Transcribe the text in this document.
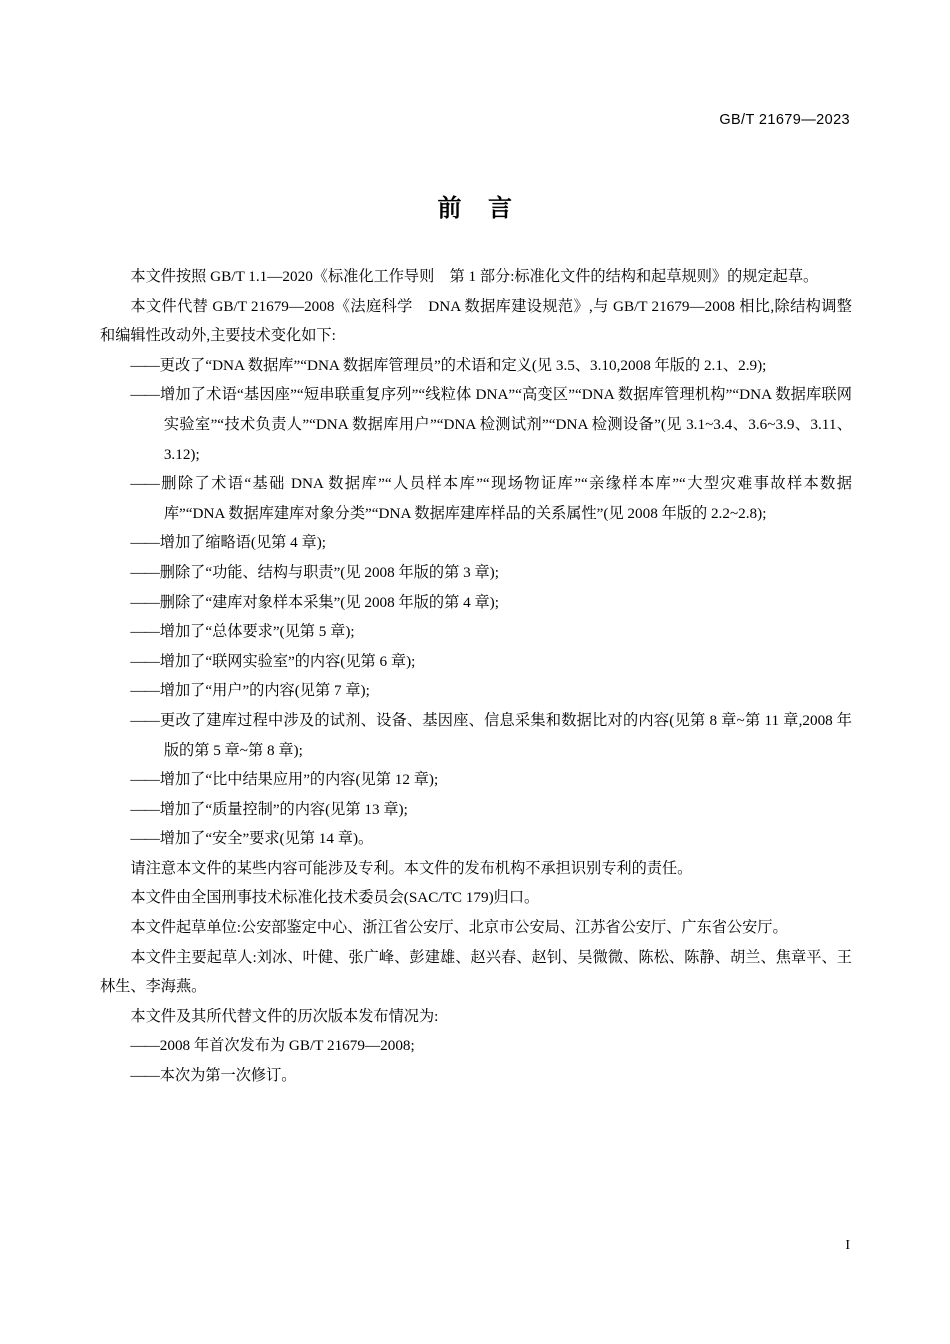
GB/T 21679—2023
前 言

本文件按照 GB/T 1.1—2020《标准化工作导则　第 1 部分:标准化文件的结构和起草规则》的规定起草。

本文件代替 GB/T 21679—2008《法庭科学　DNA 数据库建设规范》,与 GB/T 21679—2008 相比,除结构调整和编辑性改动外,主要技术变化如下:

——更改了“DNA 数据库”“DNA 数据库管理员”的术语和定义(见 3.5、3.10,2008 年版的 2.1、2.9);

——增加了术语“基因座”“短串联重复序列”“线粒体 DNA”“高变区”“DNA 数据库管理机构”“DNA 数据库联网实验室”“技术负责人”“DNA 数据库用户”“DNA 检测试剂”“DNA 检测设备”(见 3.1~3.4、3.6~3.9、3.11、3.12);

——删除了术语“基础 DNA 数据库”“人员样本库”“现场物证库”“亲缘样本库”“大型灾难事故样本数据库”“DNA 数据库建库对象分类”“DNA 数据库建库样品的关系属性”(见 2008 年版的 2.2~2.8);

——增加了缩略语(见第 4 章);

——删除了“功能、结构与职责”(见 2008 年版的第 3 章);

——删除了“建库对象样本采集”(见 2008 年版的第 4 章);

——增加了“总体要求”(见第 5 章);

——增加了“联网实验室”的内容(见第 6 章);

——增加了“用户”的内容(见第 7 章);

——更改了建库过程中涉及的试剂、设备、基因座、信息采集和数据比对的内容(见第 8 章~第 11 章,2008 年版的第 5 章~第 8 章);

——增加了“比中结果应用”的内容(见第 12 章);

——增加了“质量控制”的内容(见第 13 章);

——增加了“安全”要求(见第 14 章)。

请注意本文件的某些内容可能涉及专利。本文件的发布机构不承担识别专利的责任。

本文件由全国刑事技术标准化技术委员会(SAC/TC 179)归口。

本文件起草单位:公安部鉴定中心、浙江省公安厅、北京市公安局、江苏省公安厅、广东省公安厅。

本文件主要起草人:刘冰、叶健、张广峰、彭建雄、赵兴春、赵钊、吴微微、陈松、陈静、胡兰、焦章平、王林生、李海燕。

本文件及其所代替文件的历次版本发布情况为:

——2008 年首次发布为 GB/T 21679—2008;

——本次为第一次修订。

I
